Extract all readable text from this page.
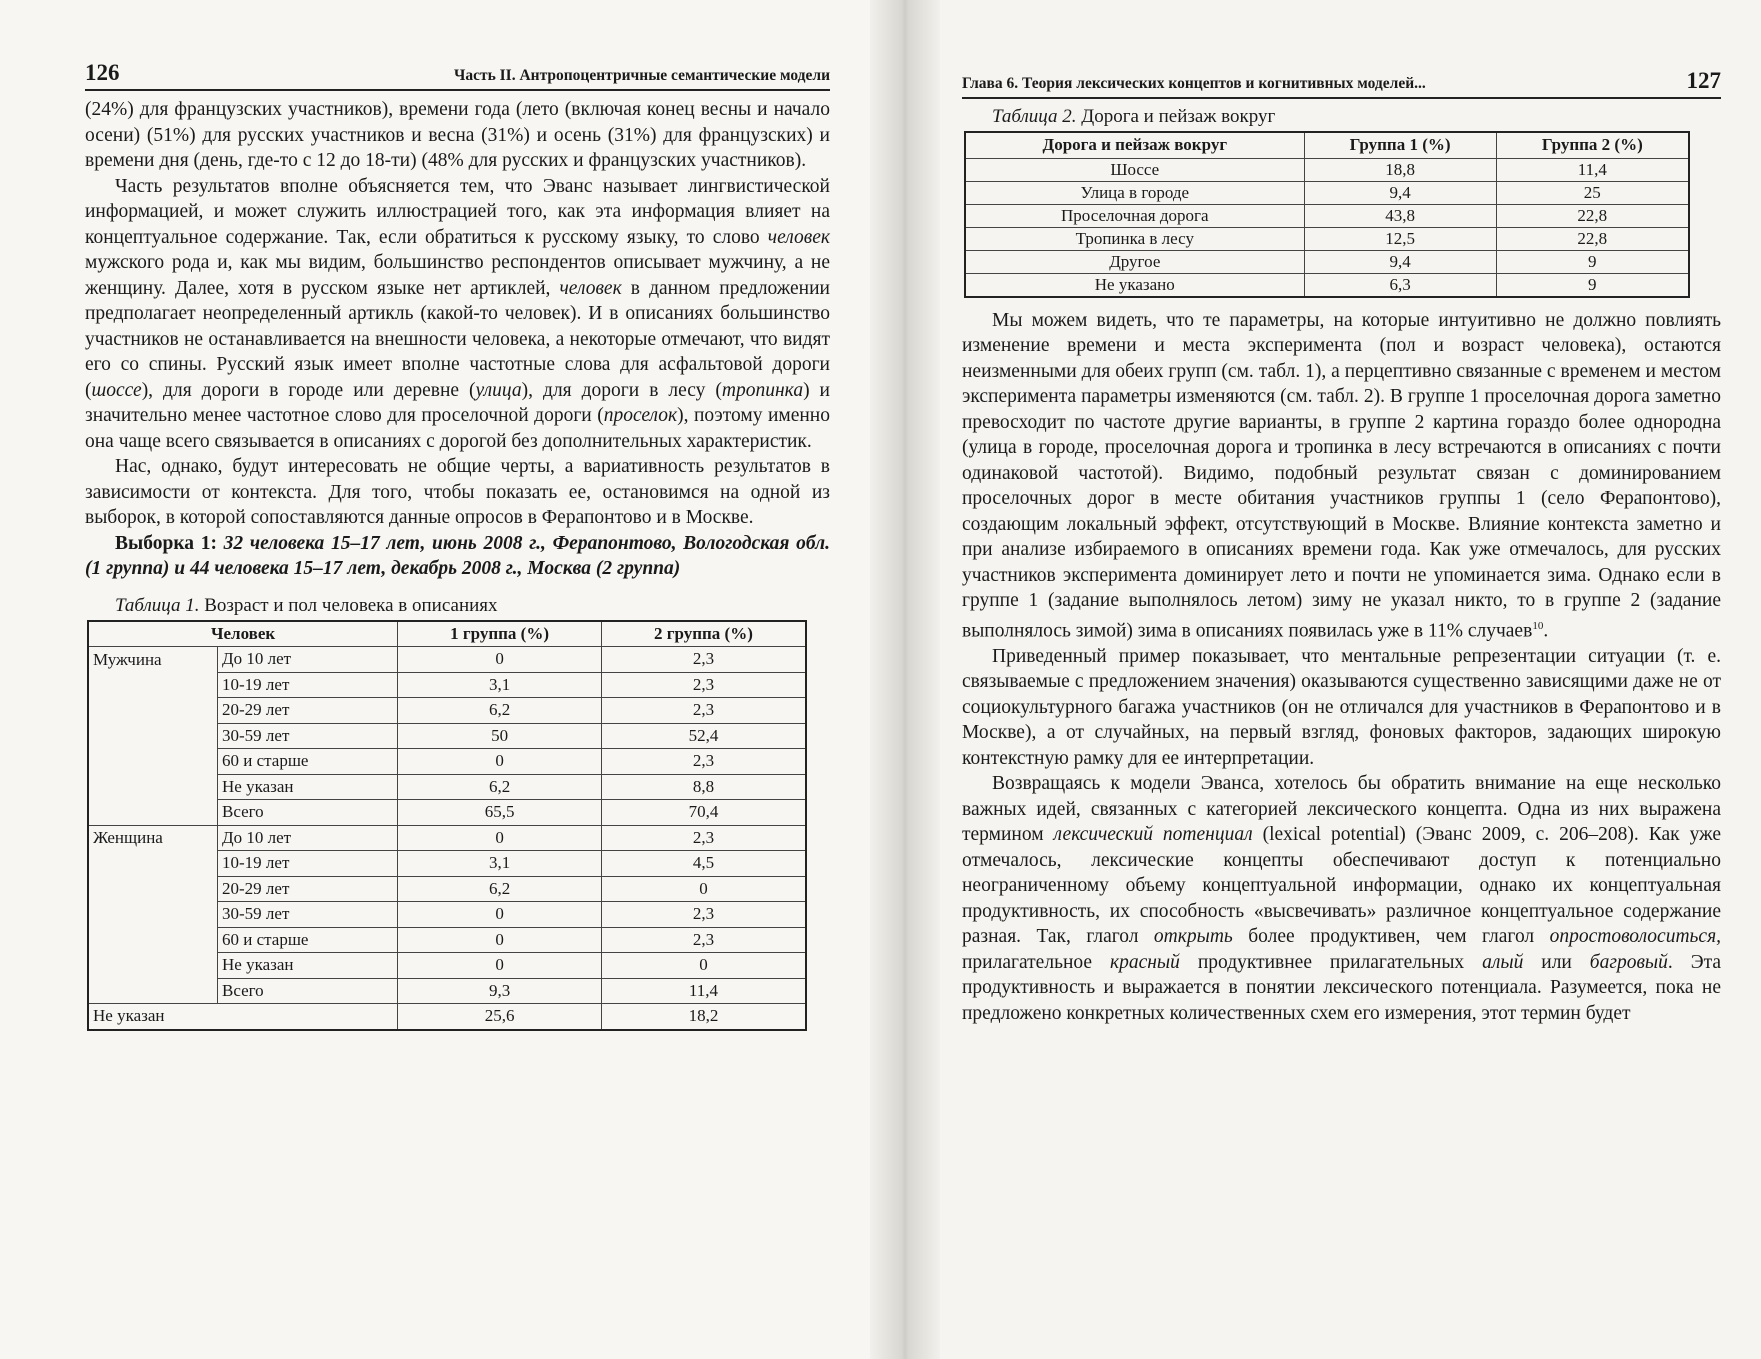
126	Часть II. Антропоцентричные семантические модели

(24%) для французских участников), времени года (лето (включая конец весны и начало осени) (51%) для русских участников и весна (31%) и осень (31%) для французских) и времени дня (день, где-то с 12 до 18-ти) (48% для русских и французских участников).

Часть результатов вполне объясняется тем, что Эванс называет лингвистической информацией, и может служить иллюстрацией того, как эта информация влияет на концептуальное содержание. Так, если обратиться к русскому языку, то слово человек мужского рода и, как мы видим, большинство респондентов описывает мужчину, а не женщину. Далее, хотя в русском языке нет артиклей, человек в данном предложении предполагает неопределенный артикль (какой-то человек). И в описаниях большинство участников не останавливается на внешности человека, а некоторые отмечают, что видят его со спины. Русский язык имеет вполне частотные слова для асфальтовой дороги (шоссе), для дороги в городе или деревне (улица), для дороги в лесу (тропинка) и значительно менее частотное слово для проселочной дороги (проселок), поэтому именно она чаще всего связывается в описаниях с дорогой без дополнительных характеристик.

Нас, однако, будут интересовать не общие черты, а вариативность результатов в зависимости от контекста. Для того, чтобы показать ее, остановимся на одной из выборок, в которой сопоставляются данные опросов в Ферапонтово и в Москве.

Выборка 1: 32 человека 15–17 лет, июнь 2008 г., Ферапонтово, Вологодская обл. (1 группа) и 44 человека 15–17 лет, декабрь 2008 г., Москва (2 группа)

Таблица 1. Возраст и пол человека в описаниях
Человек		1 группа (%)	2 группа (%)
Мужчина	До 10 лет	0	2,3
	10-19 лет	3,1	2,3
	20-29 лет	6,2	2,3
	30-59 лет	50	52,4
	60 и старше	0	2,3
	Не указан	6,2	8,8
	Всего	65,5	70,4
Женщина	До 10 лет	0	2,3
	10-19 лет	3,1	4,5
	20-29 лет	6,2	0
	30-59 лет	0	2,3
	60 и старше	0	2,3
	Не указан	0	0
	Всего	9,3	11,4
Не указан		25,6	18,2
Глава 6. Теория лексических концептов и когнитивных моделей...	127
Таблица 2. Дорога и пейзаж вокруг
Дорога и пейзаж вокруг	Группа 1 (%)	Группа 2 (%)
Шоссе	18,8	11,4
Улица в городе	9,4	25
Проселочная дорога	43,8	22,8
Тропинка в лесу	12,5	22,8
Другое	9,4	9
Не указано	6,3	9

Мы можем видеть, что те параметры, на которые интуитивно не должно повлиять изменение времени и места эксперимента (пол и возраст человека), остаются неизменными для обеих групп (см. табл. 1), а перцептивно связанные с временем и местом эксперимента параметры изменяются (см. табл. 2). В группе 1 проселочная дорога заметно превосходит по частоте другие варианты, в группе 2 картина гораздо более однородна (улица в городе, проселочная дорога и тропинка в лесу встречаются в описаниях с почти одинаковой частотой). Видимо, подобный результат связан с доминированием проселочных дорог в месте обитания участников группы 1 (село Ферапонтово), создающим локальный эффект, отсутствующий в Москве. Влияние контекста заметно и при анализе избираемого в описаниях времени года. Как уже отмечалось, для русских участников эксперимента доминирует лето и почти не упоминается зима. Однако если в группе 1 (задание выполнялось летом) зиму не указал никто, то в группе 2 (задание выполнялось зимой) зима в описаниях появилась уже в 11% случаев$^{10}$.

Приведенный пример показывает, что ментальные репрезентации ситуации (т. е. связываемые с предложением значения) оказываются существенно зависящими даже не от социокультурного багажа участников (он не отличался для участников в Ферапонтово и в Москве), а от случайных, на первый взгляд, фоновых факторов, задающих широкую контекстную рамку для ее интерпретации.

Возвращаясь к модели Эванса, хотелось бы обратить внимание на еще несколько важных идей, связанных с категорией лексического концепта. Одна из них выражена термином лексический потенциал (lexical potential) (Эванс 2009, с. 206–208). Как уже отмечалось, лексические концепты обеспечивают доступ к потенциально неограниченному объему концептуальной информации, однако их концептуальная продуктивность, их способность «высвечивать» различное концептуальное содержание разная. Так, глагол открыть более продуктивен, чем глагол опростоволоситься, прилагательное красный продуктивнее прилагательных алый или багровый. Эта продуктивность и выражается в понятии лексического потенциала. Разумеется, пока не предложено конкретных количественных схем его измерения, этот термин будет
